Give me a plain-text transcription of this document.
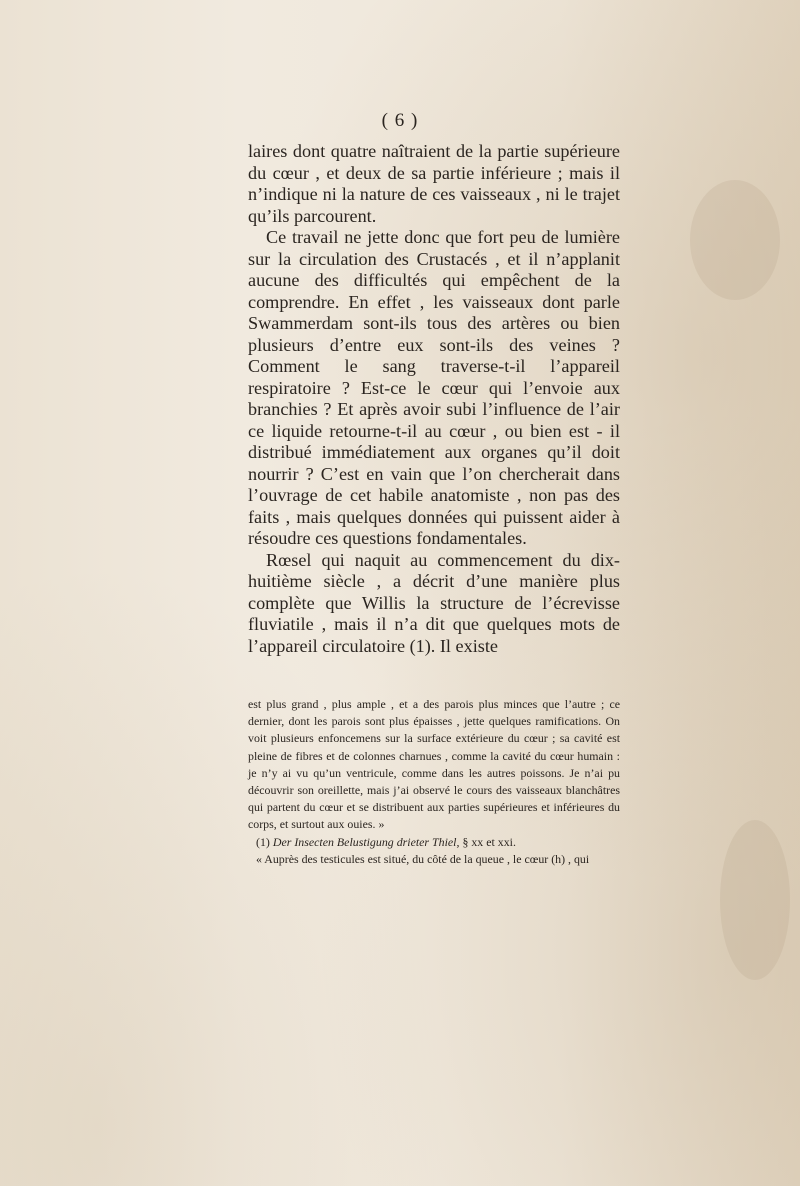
( 6 )

laires dont quatre naîtraient de la partie supérieure du cœur , et deux de sa partie inférieure ; mais il n’indique ni la nature de ces vaisseaux , ni le trajet qu’ils parcourent.

Ce travail ne jette donc que fort peu de lumière sur la circulation des Crustacés , et il n’applanit aucune des difficultés qui empêchent de la comprendre. En effet , les vaisseaux dont parle Swammerdam sont-ils tous des artères ou bien plusieurs d’entre eux sont-ils des veines ? Comment le sang traverse-t-il l’appareil respiratoire ? Est-ce le cœur qui l’envoie aux branchies ? Et après avoir subi l’influence de l’air ce liquide retourne-t-il au cœur , ou bien est - il distribué immédiatement aux organes qu’il doit nourrir ? C’est en vain que l’on chercherait dans l’ouvrage de cet habile anatomiste , non pas des faits , mais quelques données qui puissent aider à résoudre ces questions fondamentales.

Rœsel qui naquit au commencement du dix-huitième siècle , a décrit d’une manière plus complète que Willis la structure de l’écrevisse fluviatile , mais il n’a dit que quelques mots de l’appareil circulatoire (1). Il existe

est plus grand , plus ample , et a des parois plus minces que l’autre ; ce dernier, dont les parois sont plus épaisses , jette quelques ramifications. On voit plusieurs enfoncemens sur la surface extérieure du cœur ; sa cavité est pleine de fibres et de colonnes charnues , comme la cavité du cœur humain : je n’y ai vu qu’un ventricule, comme dans les autres poissons. Je n’ai pu découvrir son oreillette, mais j’ai observé le cours des vaisseaux blanchâtres qui partent du cœur et se distribuent aux parties supérieures et inférieures du corps, et surtout aux ouies. »

(1) Der Insecten Belustigung drieter Thiel, § xx et xxi.

« Auprès des testicules est situé, du côté de la queue , le cœur (h) , qui
